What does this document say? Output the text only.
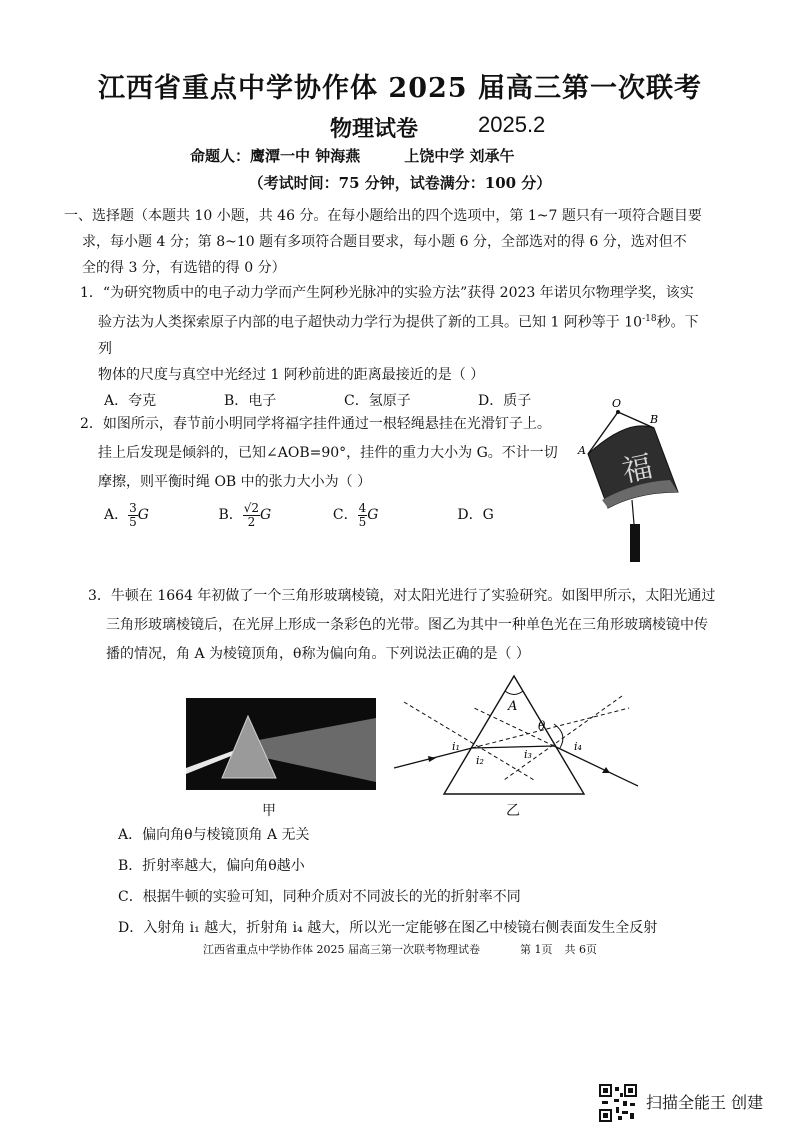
江西省重点中学协作体 2025 届高三第一次联考
物理试卷	2025.2
命题人：鹰潭一中 钟海燕	上饶中学 刘承午
（考试时间：75 分钟，试卷满分：100 分）
一、选择题（本题共 10 小题，共 46 分。在每小题给出的四个选项中，第 1~7 题只有一项符合题目要
求，每小题 4 分；第 8~10 题有多项符合题目要求，每小题 6 分，全部选对的得 6 分，选对但不
全的得 3 分，有选错的得 0 分）
1．“为研究物质中的电子动力学而产生阿秒光脉冲的实验方法”获得 2023 年诺贝尔物理学奖，该实
验方法为人类探索原子内部的电子超快动力学行为提供了新的工具。已知 1 阿秒等于 $10^{-18}$秒。下列
物体的尺度与真空中光经过 1 阿秒前进的距离最接近的是（ ）
A．夸克	B．电子	C．氢原子	D．质子
2．如图所示，春节前小明同学将福字挂件通过一根轻绳悬挂在光滑钉子上。
挂上后发现是倾斜的，已知∠AOB=90°，挂件的重力大小为 G。不计一切
摩擦，则平衡时绳 OB 中的张力大小为（ ）
A． $\frac{3}{5}$ G	B． $\frac{√2}{2}$ G	C． $\frac{4}{5}$ G	D．G
福
O
A
B
3．牛顿在 1664 年初做了一个三角形玻璃棱镜，对太阳光进行了实验研究。如图甲所示，太阳光通过
三角形玻璃棱镜后，在光屏上形成一条彩色的光带。图乙为其中一种单色光在三角形玻璃棱镜中传
播的情况，角 A 为棱镜顶角，θ称为偏向角。下列说法正确的是（ ）
甲
A
θ
i₁
i₂	i₃
i₄
乙
A．偏向角θ与棱镜顶角 A 无关
B．折射率越大，偏向角θ越小
C．根据牛顿的实验可知，同种介质对不同波长的光的折射率不同
D．入射角 i₁ 越大，折射角 i₄ 越大，所以光一定能够在图乙中棱镜右侧表面发生全反射
江西省重点中学协作体 2025 届高三第一次联考物理试卷	第 1页 共 6页
扫描全能王 创建
